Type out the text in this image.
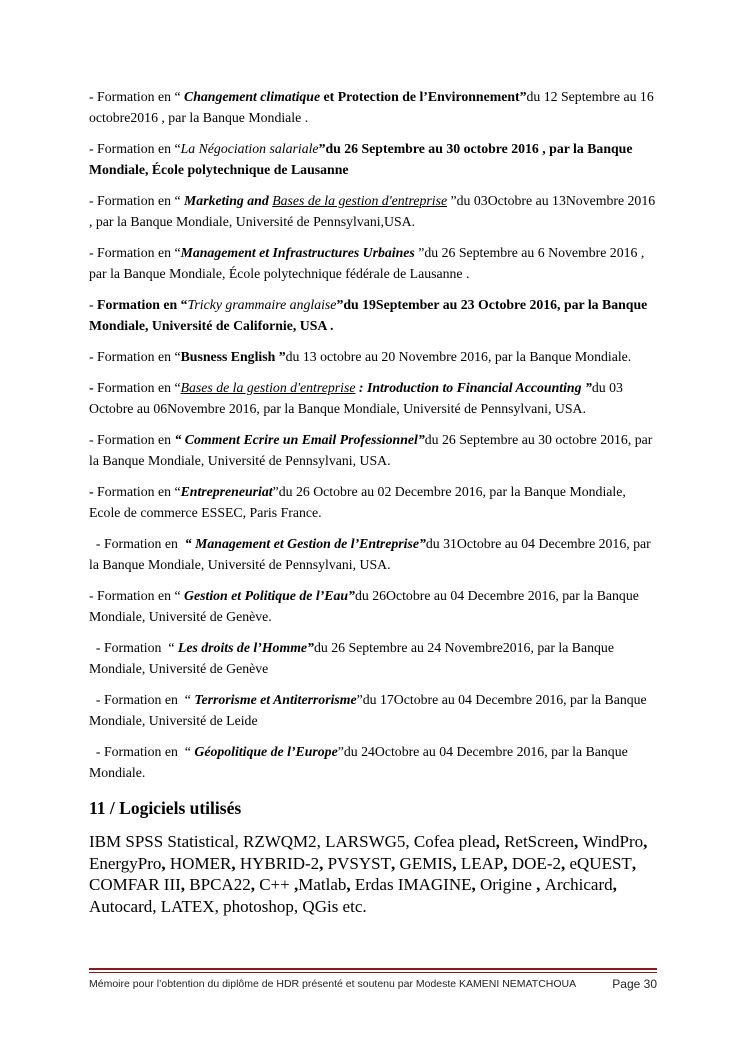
- Formation en “ Changement climatique et Protection de l’Environnement”du 12 Septembre au 16 octobre2016 , par la Banque Mondiale .

- Formation en “La Négociation salariale”du 26 Septembre au 30 octobre 2016 , par la Banque Mondiale, École polytechnique de Lausanne

- Formation en “ Marketing and Bases de la gestion d'entreprise ”du 03Octobre au 13Novembre 2016 , par la Banque Mondiale, Université de Pennsylvani,USA.

- Formation en “Management et Infrastructures Urbaines ”du 26 Septembre au 6 Novembre 2016 , par la Banque Mondiale, École polytechnique fédérale de Lausanne .

- Formation en “Tricky grammaire anglaise”du 19September au 23 Octobre 2016, par la Banque Mondiale, Université de Californie, USA .

- Formation en “Busness English ”du 13 octobre au 20 Novembre 2016, par la Banque Mondiale.

- Formation en “Bases de la gestion d'entreprise : Introduction to Financial Accounting ”du 03 Octobre au 06Novembre 2016, par la Banque Mondiale, Université de Pennsylvani, USA.

- Formation en “ Comment Ecrire un Email Professionnel”du 26 Septembre au 30 octobre 2016, par la Banque Mondiale, Université de Pennsylvani, USA.

- Formation en “Entrepreneuriat”du 26 Octobre au 02 Decembre 2016, par la Banque Mondiale, Ecole de commerce ESSEC, Paris France.

- Formation en  “ Management et Gestion de l’Entreprise”du 31Octobre au 04 Decembre 2016, par la Banque Mondiale, Université de Pennsylvani, USA.

- Formation en “ Gestion et Politique de l’Eau”du 26Octobre au 04 Decembre 2016, par la Banque Mondiale, Université de Genève.

- Formation  “ Les droits de l’Homme”du 26 Septembre au 24 Novembre2016, par la Banque Mondiale, Université de Genève

- Formation en  “ Terrorisme et Antiterrorisme”du 17Octobre au 04 Decembre 2016, par la Banque Mondiale, Université de Leide

- Formation en  “ Géopolitique de l’Europe”du 24Octobre au 04 Decembre 2016, par la Banque Mondiale.

11 / Logiciels utilisés

IBM SPSS Statistical, RZWQM2, LARSWG5, Cofea plead, RetScreen, WindPro, EnergyPro, HOMER, HYBRID-2, PVSYST, GEMIS, LEAP, DOE-2, eQUEST, COMFAR III, BPCA22, C++ ,Matlab, Erdas IMAGINE, Origine , Archicard, Autocard, LATEX, photoshop, QGis etc.

Mémoire pour l’obtention du diplôme de HDR présenté et soutenu par Modeste KAMENI NEMATCHOUA	Page 30
